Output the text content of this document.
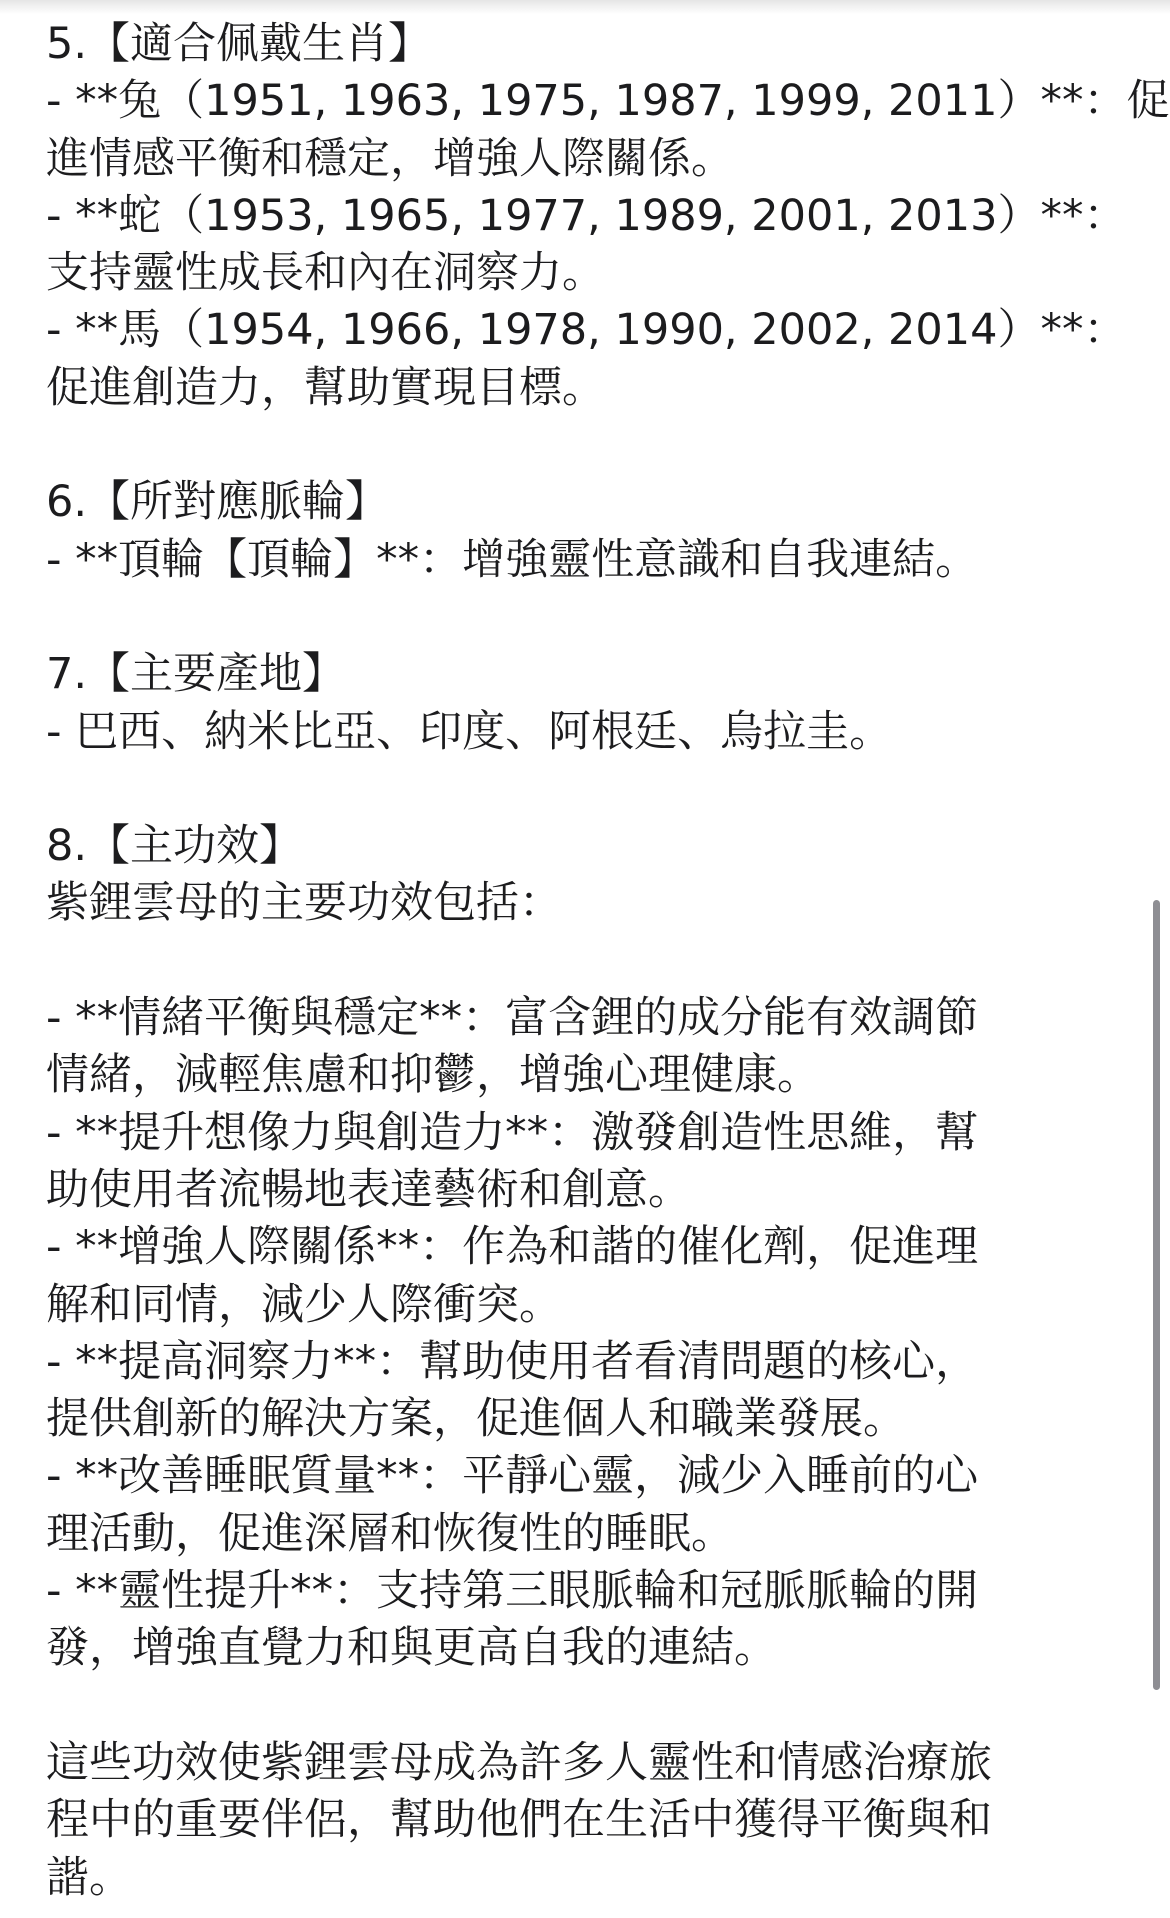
5.【適合佩戴生肖】
- **兔（1951, 1963, 1975, 1987, 1999, 2011）**：促
進情感平衡和穩定，增強人際關係。
- **蛇（1953, 1965, 1977, 1989, 2001, 2013）**：
支持靈性成長和內在洞察力。
- **馬（1954, 1966, 1978, 1990, 2002, 2014）**：
促進創造力，幫助實現目標。
6.【所對應脈輪】
- **頂輪【頂輪】**：增強靈性意識和自我連結。
7.【主要產地】
- 巴西、納米比亞、印度、阿根廷、烏拉圭。
8.【主功效】
紫鋰雲母的主要功效包括：
- **情緒平衡與穩定**：富含鋰的成分能有效調節
情緒，減輕焦慮和抑鬱，增強心理健康。
- **提升想像力與創造力**：激發創造性思維，幫
助使用者流暢地表達藝術和創意。
- **增強人際關係**：作為和諧的催化劑，促進理
解和同情，減少人際衝突。
- **提高洞察力**：幫助使用者看清問題的核心，
提供創新的解決方案，促進個人和職業發展。
- **改善睡眠質量**：平靜心靈，減少入睡前的心
理活動，促進深層和恢復性的睡眠。
- **靈性提升**：支持第三眼脈輪和冠脈脈輪的開
發，增強直覺力和與更高自我的連結。
這些功效使紫鋰雲母成為許多人靈性和情感治療旅
程中的重要伴侶，幫助他們在生活中獲得平衡與和
諧。
